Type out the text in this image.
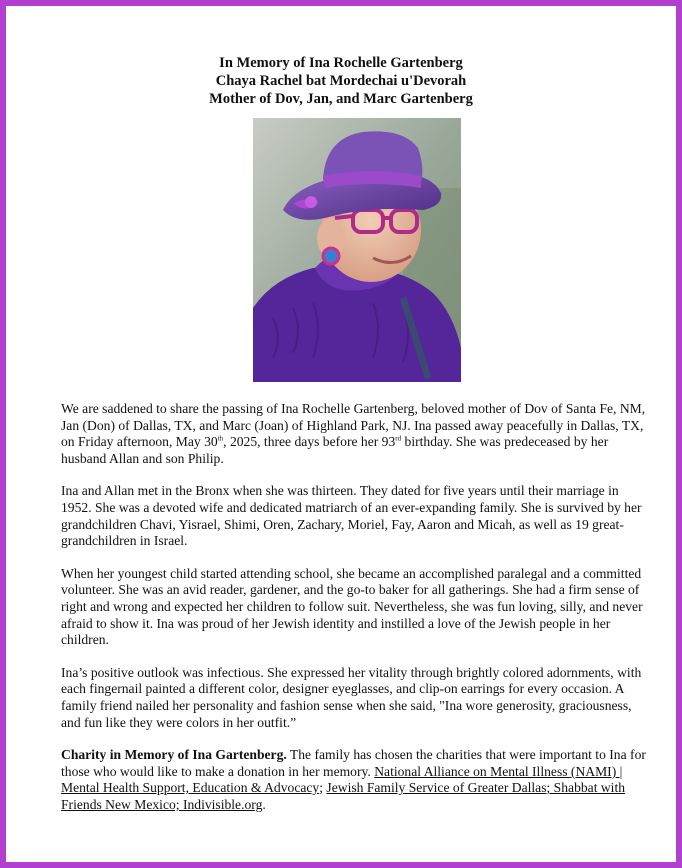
In Memory of Ina Rochelle Gartenberg
Chaya Rachel bat Mordechai u'Devorah
Mother of Dov, Jan, and Marc Gartenberg

We are saddened to share the passing of Ina Rochelle Gartenberg, beloved mother of Dov of Santa Fe, NM, Jan (Don) of Dallas, TX, and Marc (Joan) of Highland Park, NJ. Ina passed away peacefully in Dallas, TX, on Friday afternoon, May 30th, 2025, three days before her 93rd birthday. She was predeceased by her husband Allan and son Philip.

Ina and Allan met in the Bronx when she was thirteen. They dated for five years until their marriage in 1952. She was a devoted wife and dedicated matriarch of an ever-expanding family. She is survived by her grandchildren Chavi, Yisrael, Shimi, Oren, Zachary, Moriel, Fay, Aaron and Micah, as well as 19 great-grandchildren in Israel.

When her youngest child started attending school, she became an accomplished paralegal and a committed volunteer. She was an avid reader, gardener, and the go-to baker for all gatherings. She had a firm sense of right and wrong and expected her children to follow suit. Nevertheless, she was fun loving, silly, and never afraid to show it. Ina was proud of her Jewish identity and instilled a love of the Jewish people in her children.

Ina’s positive outlook was infectious. She expressed her vitality through brightly colored adornments, with each fingernail painted a different color, designer eyeglasses, and clip-on earrings for every occasion. A family friend nailed her personality and fashion sense when she said, "Ina wore generosity, graciousness, and fun like they were colors in her outfit.”

Charity in Memory of Ina Gartenberg. The family has chosen the charities that were important to Ina for those who would like to make a donation in her memory. National Alliance on Mental Illness (NAMI) | Mental Health Support, Education & Advocacy; Jewish Family Service of Greater Dallas; Shabbat with Friends New Mexico; Indivisible.org.
